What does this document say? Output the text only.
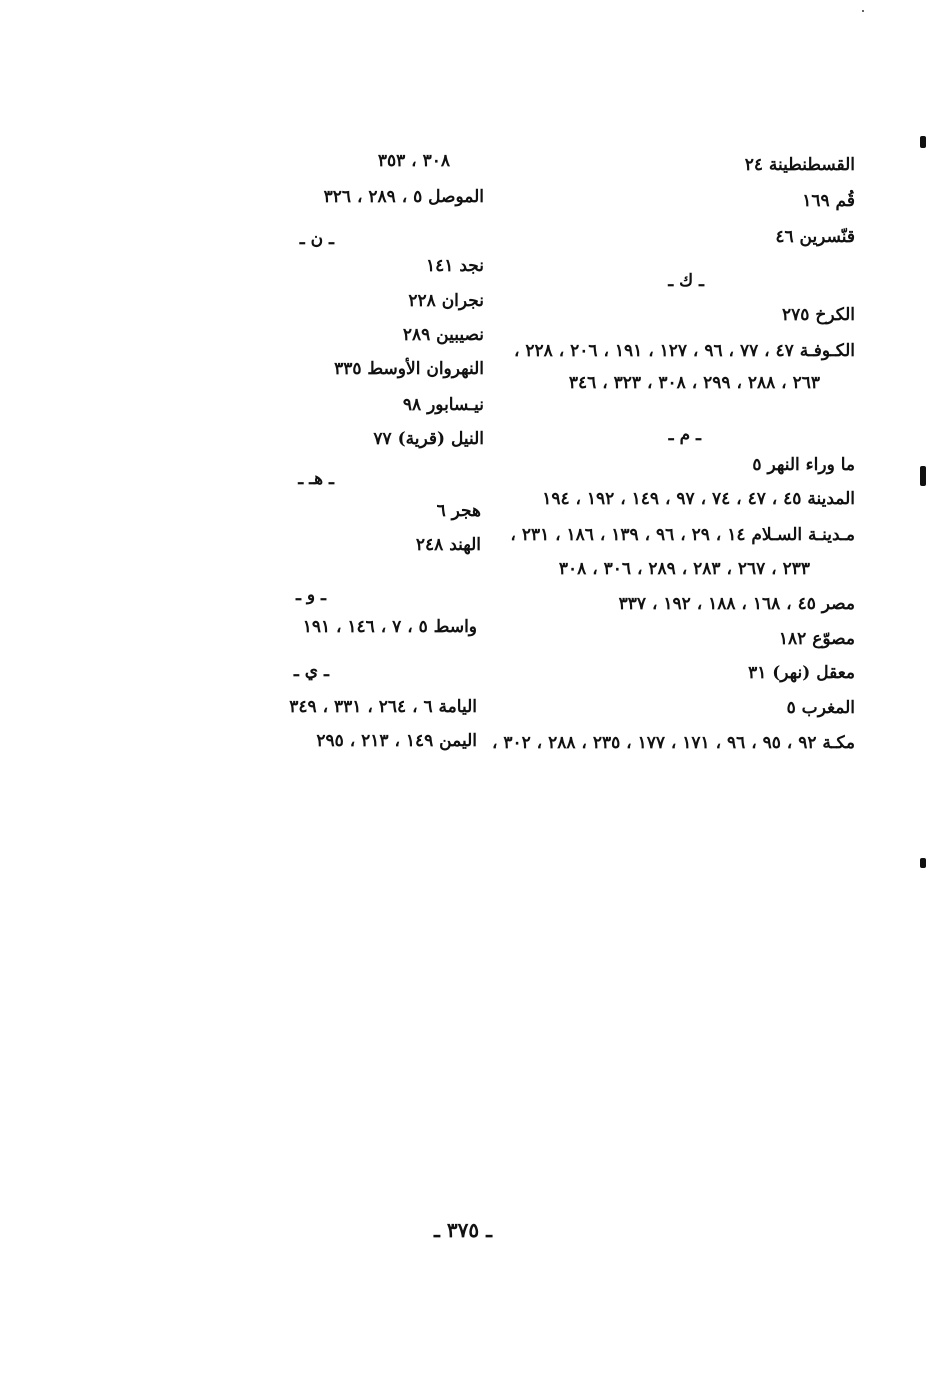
القسطنطينة ٢٤
قُم ١٦٩
قنّسرين ٤٦
ـ ك ـ
الكرخ ٢٧٥
الكـوفـة ٤٧ ، ٧٧ ، ٩٦ ، ١٢٧ ، ١٩١ ، ٢٠٦ ، ٢٢٨ ،
٢٦٣ ، ٢٨٨ ، ٢٩٩ ، ٣٠٨ ، ٣٢٣ ، ٣٤٦
ـ م ـ
ما وراء النهر ٥
المدينة ٤٥ ، ٤٧ ، ٧٤ ، ٩٧ ، ١٤٩ ، ١٩٢ ، ١٩٤
مـدينـة السـلام ١٤ ، ٢٩ ، ٩٦ ، ١٣٩ ، ١٨٦ ، ٢٣١ ،
٢٣٣ ، ٢٦٧ ، ٢٨٣ ، ٢٨٩ ، ٣٠٦ ، ٣٠٨
مصر ٤٥ ، ١٦٨ ، ١٨٨ ، ١٩٢ ، ٣٣٧
مصوّع ١٨٢
معقل (نهر) ٣١
المغرب ٥
مكـة ٩٢ ، ٩٥ ، ٩٦ ، ١٧١ ، ١٧٧ ، ٢٣٥ ، ٢٨٨ ، ٣٠٢ ،
٣٠٨ ، ٣٥٣
الموصل ٥ ، ٢٨٩ ، ٣٢٦
ـ ن ـ
نجد ١٤١
نجران ٢٢٨
نصيبين ٢٨٩
النهروان الأوسط ٣٣٥
نيـسابور ٩٨
النيل (قرية) ٧٧
ـ هـ ـ
هجر ٦
الهند ٢٤٨
ـ و ـ
واسط ٥ ، ٧ ، ١٤٦ ، ١٩١
ـ ي ـ
اليامة ٦ ، ٢٦٤ ، ٣٣١ ، ٣٤٩
اليمن ١٤٩ ، ٢١٣ ، ٢٩٥
ـ ٣٧٥ ـ
